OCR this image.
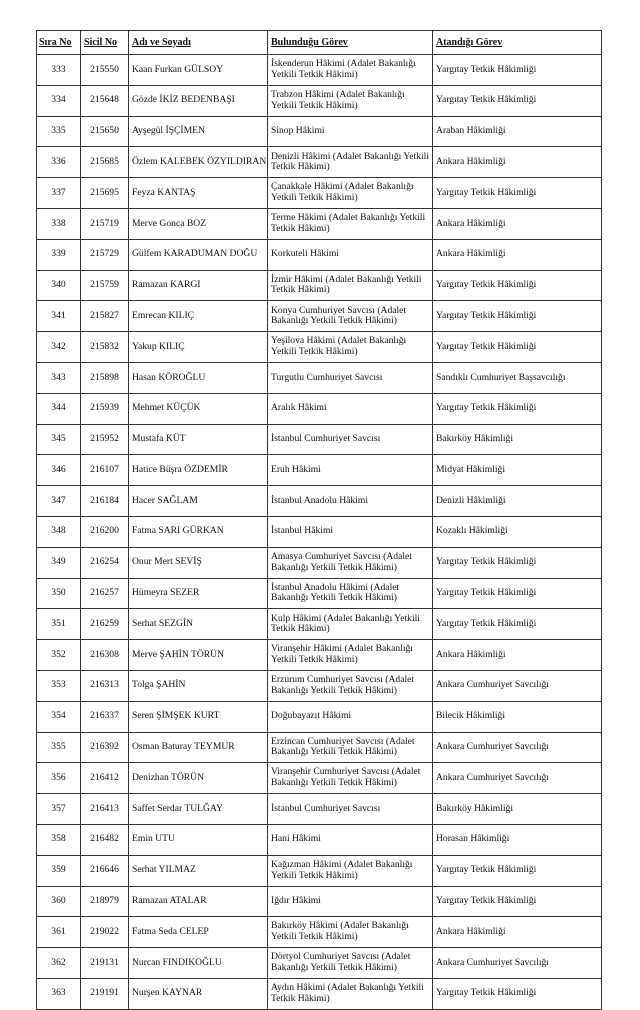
Sıra No	Sicil No	Adı ve Soyadı	Bulunduğu Görev	Atandığı Görev
333	215550	Kaan Furkan GÜLSOY	İskenderun Hâkimi (Adalet Bakanlığı Yetkili Tetkik Hâkimi)	Yargıtay Tetkik Hâkimliği
334	215648	Gözde İKİZ BEDENBAŞI	Trabzon Hâkimi (Adalet Bakanlığı Yetkili Tetkik Hâkimi)	Yargıtay Tetkik Hâkimliği
335	215650	Ayşegül İŞÇİMEN	Sinop Hâkimi	Araban Hâkimliği
336	215685	Özlem KALEBEK ÖZYILDIRAN	Denizli Hâkimi (Adalet Bakanlığı Yetkili Tetkik Hâkimi)	Ankara Hâkimliği
337	215695	Feyza KANTAŞ	Çanakkale Hâkimi (Adalet Bakanlığı Yetkili Tetkik Hâkimi)	Yargıtay Tetkik Hâkimliği
338	215719	Merve Gonca BOZ	Terme Hâkimi (Adalet Bakanlığı Yetkili Tetkik Hâkimi)	Ankara Hâkimliği
339	215729	Gülfem KARADUMAN DOĞU	Korkuteli Hâkimi	Ankara Hâkimliği
340	215759	Ramazan KARGI	İzmir Hâkimi (Adalet Bakanlığı Yetkili Tetkik Hâkimi)	Yargıtay Tetkik Hâkimliği
341	215827	Emrecan KILIÇ	Konya Cumhuriyet Savcısı (Adalet Bakanlığı Yetkili Tetkik Hâkimi)	Yargıtay Tetkik Hâkimliği
342	215832	Yakup KILIÇ	Yeşilova Hâkimi (Adalet Bakanlığı Yetkili Tetkik Hâkimi)	Yargıtay Tetkik Hâkimliği
343	215898	Hasan KÖROĞLU	Turgutlu Cumhuriyet Savcısı	Sandıklı Cumhuriyet Başsavcılığı
344	215939	Mehmet KÜÇÜK	Aralık Hâkimi	Yargıtay Tetkik Hâkimliği
345	215952	Mustafa KÜT	İstanbul Cumhuriyet Savcısı	Bakırköy Hâkimliği
346	216107	Hatice Büşra ÖZDEMİR	Eruh Hâkimi	Midyat Hâkimliği
347	216184	Hacer SAĞLAM	İstanbul Anadolu Hâkimi	Denizli Hâkimliği
348	216200	Fatma SARI GÜRKAN	İstanbul Hâkimi	Kozaklı Hâkimliği
349	216254	Onur Mert SEVİŞ	Amasya Cumhuriyet Savcısı (Adalet Bakanlığı Yetkili Tetkik Hâkimi)	Yargıtay Tetkik Hâkimliği
350	216257	Hümeyra SEZER	İstanbul Anadolu Hâkimi (Adalet Bakanlığı Yetkili Tetkik Hâkimi)	Yargıtay Tetkik Hâkimliği
351	216259	Serhat SEZGİN	Kulp Hâkimi (Adalet Bakanlığı Yetkili Tetkik Hâkimi)	Yargıtay Tetkik Hâkimliği
352	216308	Merve ŞAHİN TÖRÜN	Viranşehir Hâkimi (Adalet Bakanlığı Yetkili Tetkik Hâkimi)	Ankara Hâkimliği
353	216313	Tolga ŞAHİN	Erzurum Cumhuriyet Savcısı (Adalet Bakanlığı Yetkili Tetkik Hâkimi)	Ankara Cumhuriyet Savcılığı
354	216337	Seren ŞİMŞEK KURT	Doğubayazıt Hâkimi	Bilecik Hâkimliği
355	216392	Osman Baturay TEYMUR	Erzincan Cumhuriyet Savcısı (Adalet Bakanlığı Yetkili Tetkik Hâkimi)	Ankara Cumhuriyet Savcılığı
356	216412	Denizhan TÖRÜN	Viranşehir Cumhuriyet Savcısı (Adalet Bakanlığı Yetkili Tetkik Hâkimi)	Ankara Cumhuriyet Savcılığı
357	216413	Saffet Serdar TULĞAY	İstanbul Cumhuriyet Savcısı	Bakırköy Hâkimliği
358	216482	Emin UTU	Hani Hâkimi	Horasan Hâkimliği
359	216646	Serhat YILMAZ	Kağızman Hâkimi (Adalet Bakanlığı Yetkili Tetkik Hâkimi)	Yargıtay Tetkik Hâkimliği
360	218979	Ramazan ATALAR	Iğdır Hâkimi	Yargıtay Tetkik Hâkimliği
361	219022	Fatma Seda CELEP	Bakırköy Hâkimi (Adalet Bakanlığı Yetkili Tetkik Hâkimi)	Ankara Hâkimliği
362	219131	Nurcan FINDIKOĞLU	Dörtyol Cumhuriyet Savcısı (Adalet Bakanlığı Yetkili Tetkik Hâkimi)	Ankara Cumhuriyet Savcılığı
363	219191	Nurşen KAYNAR	Aydın Hâkimi (Adalet Bakanlığı Yetkili Tetkik Hâkimi)	Yargıtay Tetkik Hâkimliği
